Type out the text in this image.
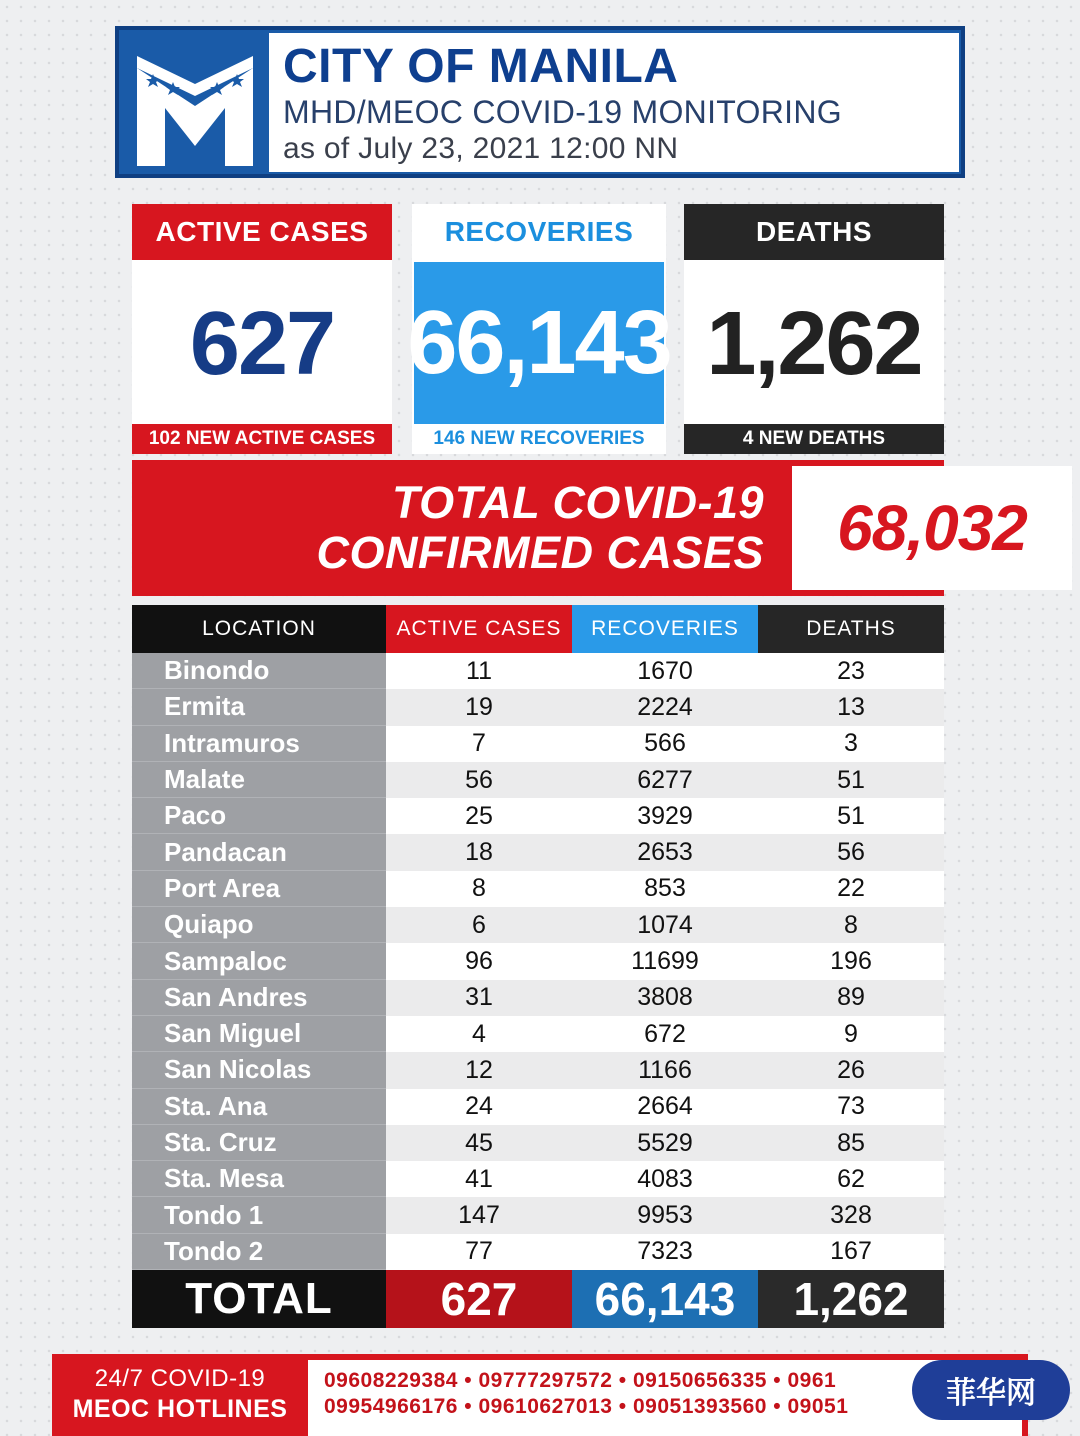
CITY OF MANILA
MHD/MEOC COVID-19 MONITORING
as of July 23, 2021 12:00 NN
ACTIVE CASES
627
102 NEW ACTIVE CASES
RECOVERIES
66,143
146 NEW RECOVERIES
DEATHS
1,262
4 NEW DEATHS
TOTAL COVID-19
CONFIRMED CASES	68,032
LOCATION	ACTIVE CASES	RECOVERIES	DEATHS
Binondo	11	1670	23
Ermita	19	2224	13
Intramuros	7	566	3
Malate	56	6277	51
Paco	25	3929	51
Pandacan	18	2653	56
Port Area	8	853	22
Quiapo	6	1074	8
Sampaloc	96	11699	196
San Andres	31	3808	89
San Miguel	4	672	9
San Nicolas	12	1166	26
Sta. Ana	24	2664	73
Sta. Cruz	45	5529	85
Sta. Mesa	41	4083	62
Tondo 1	147	9953	328
Tondo 2	77	7323	167
TOTAL	627	66,143	1,262
24/7 COVID-19
MEOC HOTLINES
09608229384 • 09777297572 • 09150656335 • 0961
09954966176 • 09610627013 • 09051393560 • 09051	菲华网
